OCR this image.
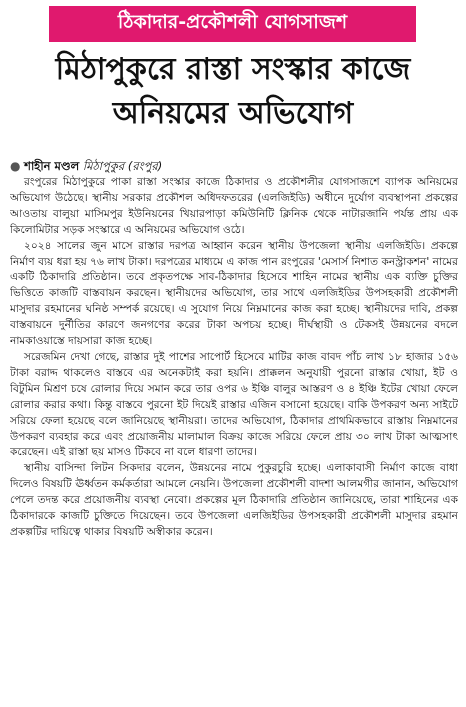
ঠিকাদার-প্রকৌশলী যোগসাজশ
মিঠাপুকুরে রাস্তা সংস্কার কাজে
অনিয়মের অভিযোগ
● শাহীন মণ্ডল মিঠাপুকুর (রংপুর)

রংপুরের মিঠাপুকুরে পাকা রাস্তা সংস্কার কাজে ঠিকাদার ও প্রকৌশলীর যোগসাজশে ব্যাপক অনিয়মের অভিযোগ উঠেছে। স্থানীয় সরকার প্রকৌশল অধিদফতরের (এলজিইডি) অধীনে দুর্যোগ ব্যবস্থাপনা প্রকল্পের আওতায় বালুয়া মাসিমপুর ইউনিয়নের খিয়ারপাড়া কমিউনিটি ক্লিনিক থেকে নাটারজানি পর্যন্ত প্রায় এক কিলোমিটার সড়ক সংস্কারে এ অনিয়মের অভিযোগ ওঠে।

২০২৪ সালের জুন মাসে রাস্তার দরপত্র আহ্বান করেন স্থানীয় উপজেলা স্থানীয় এলজিইডি। প্রকল্পে নির্মাণ ব্যয় ধরা হয় ৭৬ লাখ টাকা। দরপত্রের মাধ্যমে এ কাজ পান রংপুরের 'মেসার্স নিশাত কনস্ট্রাকশন' নামের একটি ঠিকাদারি প্রতিষ্ঠান। তবে প্রকৃতপক্ষে সাব-ঠিকাদার হিসেবে শাহিন নামের স্থানীয় এক ব্যক্তি চুক্তির ভিত্তিতে কাজটি বাস্তবায়ন করছেন। স্থানীয়দের অভিযোগ, তার সাথে এলজিইডির উপসহকারী প্রকৌশলী মাসুদার রহমানের ঘনিষ্ঠ সম্পর্ক রয়েছে। এ সুযোগ নিয়ে নিম্নমানের কাজ করা হচ্ছে। স্থানীয়দের দাবি, প্রকল্প বাস্তবায়নে দুর্নীতির কারণে জনগণের করের টাকা অপচয় হচ্ছে। দীর্ঘস্থায়ী ও টেকসই উন্নয়নের বদলে নামকাওয়াস্তে দায়সারা কাজ হচ্ছে।

সরেজমিন দেখা গেছে, রাস্তার দুই পাশের সাপোর্ট হিসেবে মাটির কাজ বাবদ পাঁচ লাখ ১৮ হাজার ১৫৬ টাকা বরাদ্দ থাকলেও বাস্তবে এর অনেকটাই করা হয়নি। প্রাক্কলন অনুযায়ী পুরনো রাস্তার খোয়া, ইট ও বিটুমিন মিশ্রণ চষে রোলার দিয়ে সমান করে তার ওপর ৬ ইঞ্চি বালুর আস্তরণ ও ৪ ইঞ্চি ইটের খোয়া ফেলে রোলার করার কথা। কিন্তু বাস্তবে পুরনো ইট দিয়েই রাস্তার এজিন বসানো হয়েছে। বাকি উপকরণ অন্য সাইটে সরিয়ে ফেলা হয়েছে বলে জানিয়েছে স্থানীয়রা। তাদের অভিযোগ, ঠিকাদার প্রাথমিকভাবে রাস্তায় নিম্নমানের উপকরণ ব্যবহার করে এবং প্রয়োজনীয় মালামাল বিক্রয় কাজে সরিয়ে ফেলে প্রায় ৩০ লাখ টাকা আত্মসাৎ করেছেন। এই রাস্তা ছয় মাসও টিকবে না বলে ধারণা তাদের।

স্থানীয় বাসিন্দা লিটন সিকদার বলেন, উন্নয়নের নামে পুকুরচুরি হচ্ছে। এলাকাবাসী নির্মাণ কাজে বাধা দিলেও বিষয়টি ঊর্ধ্বতন কর্মকর্তারা আমলে নেয়নি। উপজেলা প্রকৌশলী বাদশা আলমগীর জানান, অভিযোগ পেলে তদন্ত করে প্রয়োজনীয় ব্যবস্থা নেবো। প্রকল্পের মূল ঠিকাদারি প্রতিষ্ঠান জানিয়েছে, তারা শাহিনের এক ঠিকাদারকে কাজটি চুক্তিতে দিয়েছেন। তবে উপজেলা এলজিইডির উপসহকারী প্রকৌশলী মাসুদার রহমান প্রকল্পটির দায়িত্বে থাকার বিষয়টি অস্বীকার করেন।
